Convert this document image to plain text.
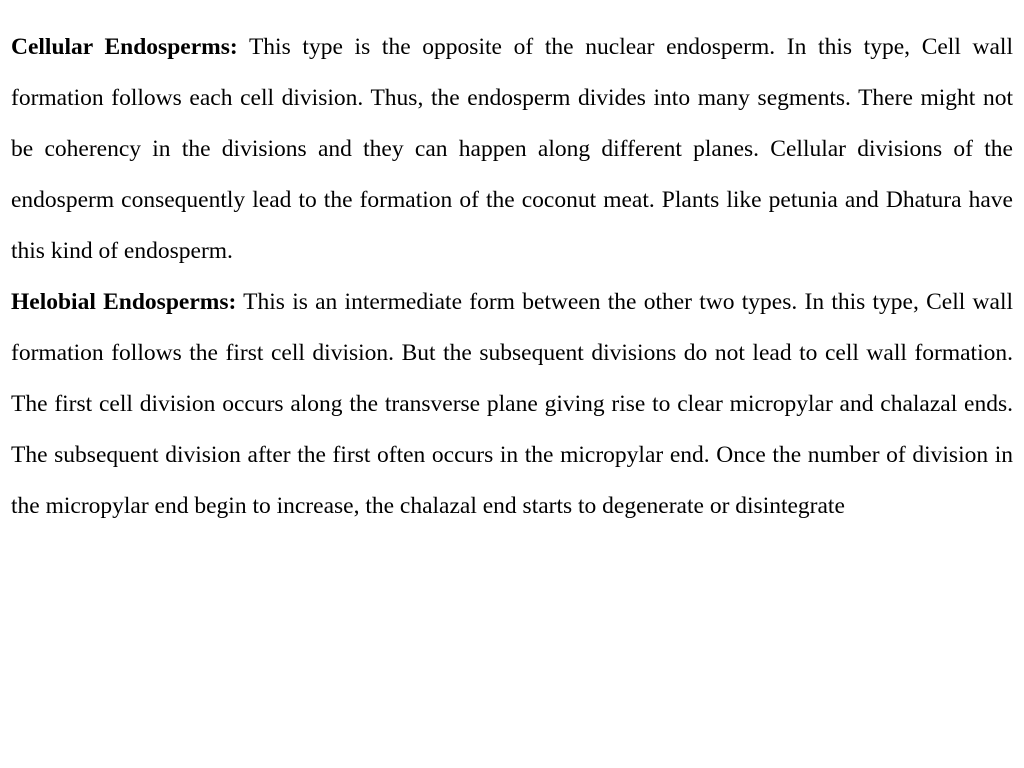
Cellular Endosperms: This type is the opposite of the nuclear endosperm. In this type, Cell wall formation follows each cell division. Thus, the endosperm divides into many segments. There might not be coherency in the divisions and they can happen along different planes. Cellular divisions of the endosperm consequently lead to the formation of the coconut meat. Plants like petunia and Dhatura have this kind of endosperm.

Helobial Endosperms: This is an intermediate form between the other two types. In this type, Cell wall formation follows the first cell division. But the subsequent divisions do not lead to cell wall formation. The first cell division occurs along the transverse plane giving rise to clear micropylar and chalazal ends. The subsequent division after the first often occurs in the micropylar end. Once the number of division in the micropylar end begin to increase, the chalazal end starts to degenerate or disintegrate
